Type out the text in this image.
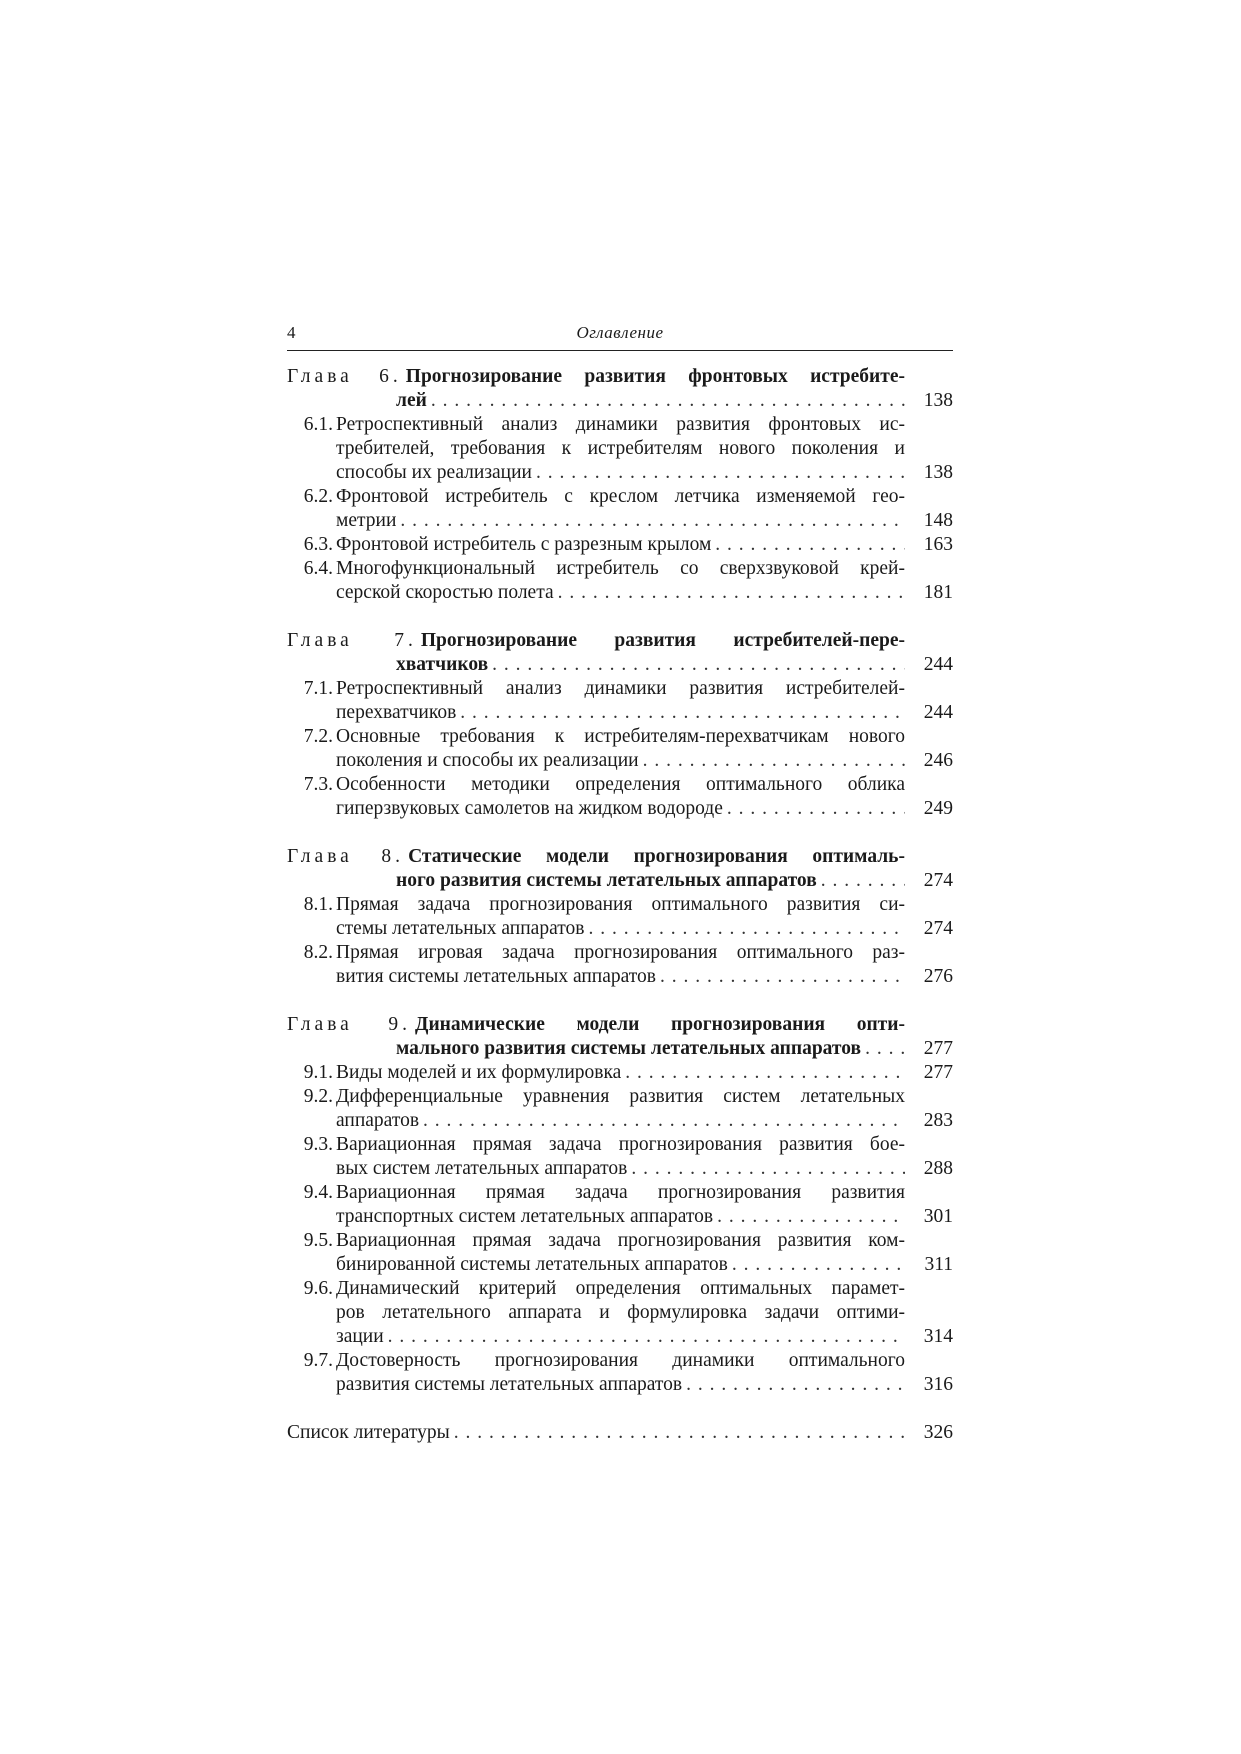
4	Оглавление
Глава 6. Прогнозирование развития фронтовых истребите-
лей . . .	138
6.1. Ретроспективный анализ динамики развития фронтовых ис-
требителей, требования к истребителям нового поколения и
способы их реализации . . .	138
6.2. Фронтовой истребитель с креслом летчика изменяемой гео-
метрии . . .	148
6.3. Фронтовой истребитель с разрезным крылом . . .	163
6.4. Многофункциональный истребитель со сверхзвуковой крей-
серской скоростью полета . . .	181
Глава 7. Прогнозирование развития истребителей-пере-
хватчиков . . .	244
7.1. Ретроспективный анализ динамики развития истребителей-
перехватчиков . . .	244
7.2. Основные требования к истребителям-перехватчикам нового
поколения и способы их реализации . . .	246
7.3. Особенности методики определения оптимального облика
гиперзвуковых самолетов на жидком водороде . . .	249
Глава 8. Статические модели прогнозирования оптималь-
ного развития системы летательных аппаратов . . .	274
8.1. Прямая задача прогнозирования оптимального развития си-
стемы летательных аппаратов . . .	274
8.2. Прямая игровая задача прогнозирования оптимального раз-
вития системы летательных аппаратов . . .	276
Глава 9. Динамические модели прогнозирования опти-
мального развития системы летательных аппаратов . . .	277
9.1. Виды моделей и их формулировка . . .	277
9.2. Дифференциальные уравнения развития систем летательных
аппаратов . . .	283
9.3. Вариационная прямая задача прогнозирования развития бое-
вых систем летательных аппаратов . . .	288
9.4. Вариационная прямая задача прогнозирования развития
транспортных систем летательных аппаратов . . .	301
9.5. Вариационная прямая задача прогнозирования развития ком-
бинированной системы летательных аппаратов . . .	311
9.6. Динамический критерий определения оптимальных парамет-
ров летательного аппарата и формулировка задачи оптими-
зации . . .	314
9.7. Достоверность прогнозирования динамики оптимального
развития системы летательных аппаратов . . .	316
Список литературы . . .	326
